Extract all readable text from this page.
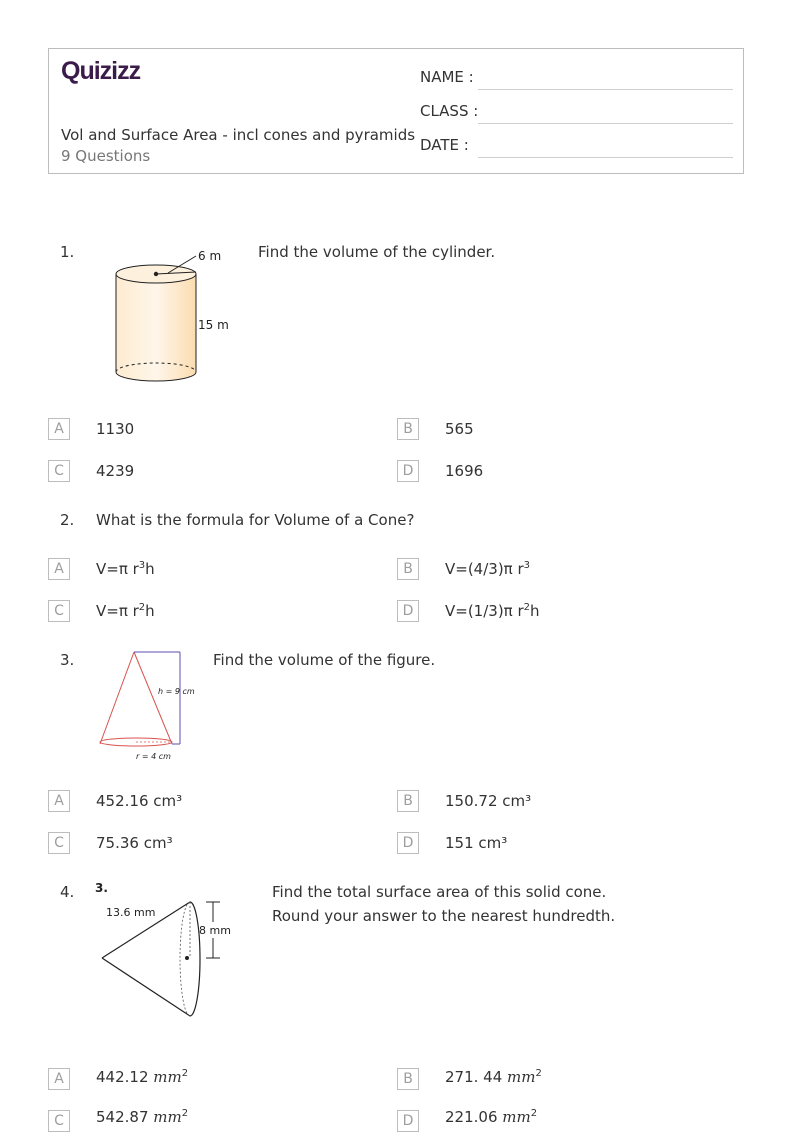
Quizizz
Vol and Surface Area - incl cones and pyramids
9 Questions
NAME :
CLASS :
DATE :
1.	6 m
15 m
Find the volume of the cylinder.
A	1130	B	565
C	4239	D	1696
2. What is the formula for Volume of a Cone?
A	V=π $r^3h$	B	V=(4/3)π $r^3$
C	V=π $r^2h$	D	V=(1/3)π $r^2h$
3.
h = 9 cm
r = 4 cm
Find the volume of the figure.
A	452.16 cm³	B	150.72 cm³
C	75.36 cm³	D	151 cm³
4. 3.
8 mm
13.6 mm
Find the total surface area of this solid cone.
Round your answer to the nearest hundredth.
A	442.12 $mm^2$	B	271. 44 $mm^2$
C	542.87 $mm^2$	D	221.06 $mm^2$
